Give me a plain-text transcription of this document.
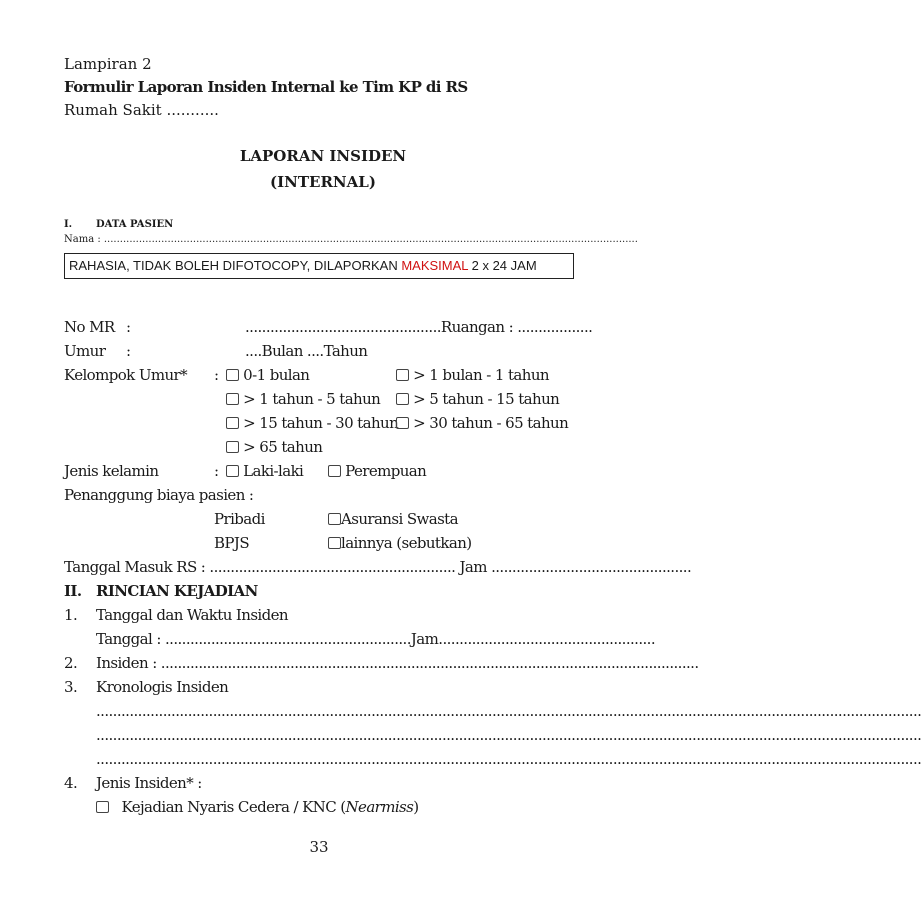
Lampiran 2
Formulir Laporan Insiden Internal ke Tim KP di RS
Rumah Sakit ...........
LAPORAN INSIDEN
(INTERNAL)
I. DATA PASIEN
Nama : ........................................................................................................................................................................
RAHASIA, TIDAK BOLEH DIFOTOCOPY, DILAPORKAN MAKSIMAL 2 x 24 JAM
No MR :	...............................................Ruangan : ..................
Umur :	....Bulan ....Tahun
Kelompok Umur* :	0-1 bulan	> 1 bulan - 1 tahun
> 1 tahun - 5 tahun	> 5 tahun - 15 tahun
> 15 tahun - 30 tahun	> 30 tahun - 65 tahun
> 65 tahun
Jenis kelamin	:	Laki-laki	Perempuan
Penanggung biaya pasien :
Pribadi	Asuransi Swasta
BPJS	lainnya (sebutkan)
Tanggal Masuk RS : ........................................................... Jam ................................................
II. RINCIAN KEJADIAN
1. Tanggal dan Waktu Insiden
Tanggal : ...........................................................Jam....................................................
2. Insiden : .................................................................................................................................
3. Kronologis Insiden
......................................................................................................................................................................................................
......................................................................................................................................................................................................
......................................................................................................................................................................................................
4. Jenis Insiden* :
Kejadian Nyaris Cedera / KNC (Nearmiss)
33
